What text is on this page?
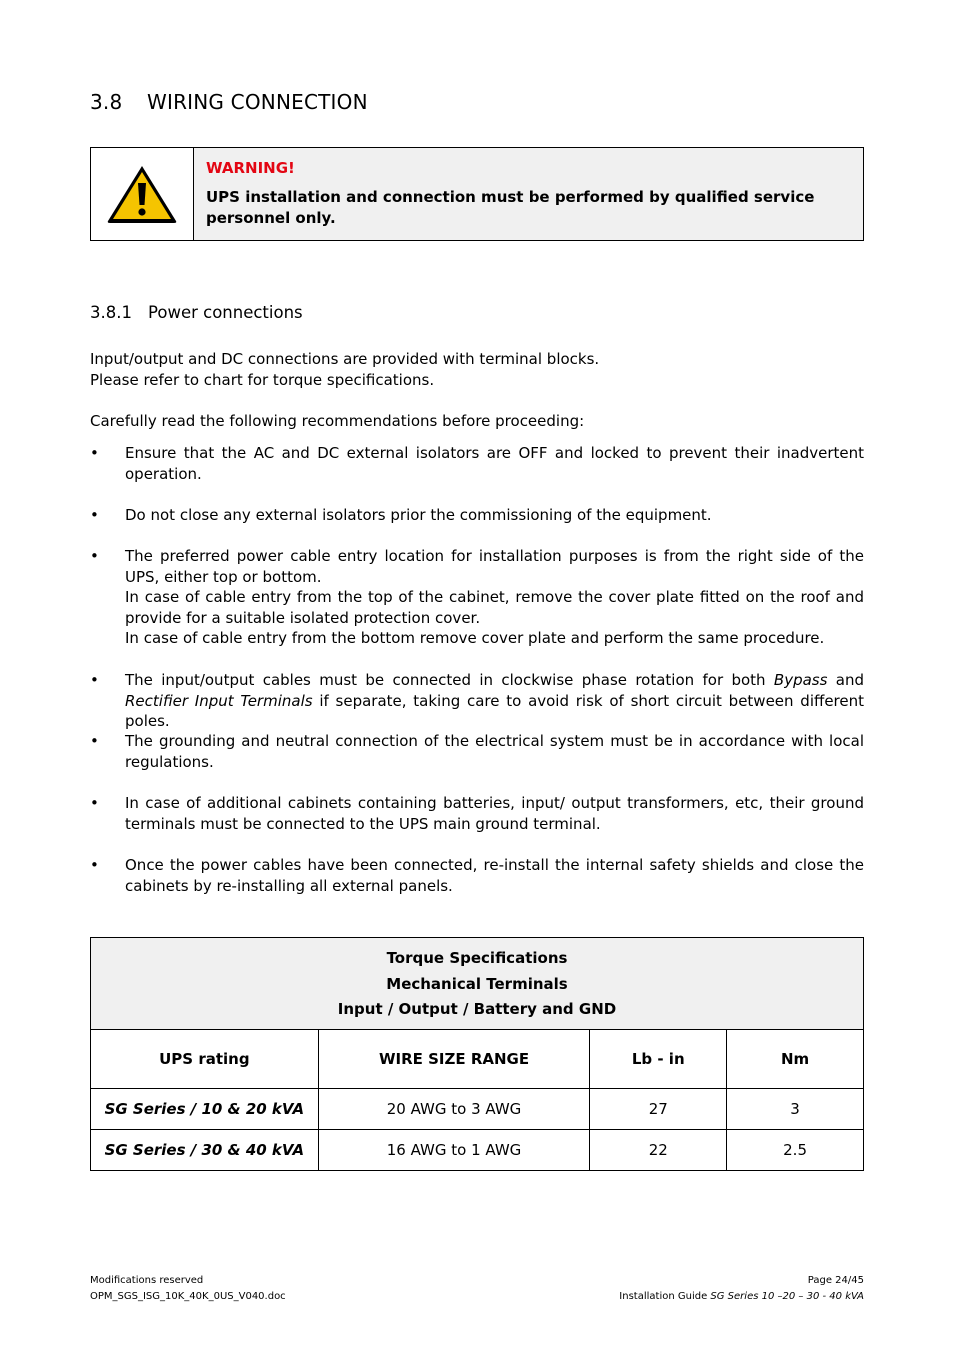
3.8 WIRING CONNECTION
WARNING!
UPS installation and connection must be performed by qualified service personnel only.
3.8.1 Power connections
Input/output and DC connections are provided with terminal blocks.
Please refer to chart for torque specifications.
Carefully read the following recommendations before proceeding:
• Ensure that the AC and DC external isolators are OFF and locked to prevent their inadvertent operation.
• Do not close any external isolators prior the commissioning of the equipment.
• The preferred power cable entry location for installation purposes is from the right side of the UPS, either top or bottom.
In case of cable entry from the top of the cabinet, remove the cover plate fitted on the roof and provide for a suitable isolated protection cover.
In case of cable entry from the bottom remove cover plate and perform the same procedure.
• The input/output cables must be connected in clockwise phase rotation for both Bypass and Rectifier Input Terminals if separate, taking care to avoid risk of short circuit between different poles.
• The grounding and neutral connection of the electrical system must be in accordance with local regulations.
• In case of additional cabinets containing batteries, input/ output transformers, etc, their ground terminals must be connected to the UPS main ground terminal.
• Once the power cables have been connected, re-install the internal safety shields and close the cabinets by re-installing all external panels.
Torque Specifications
Mechanical Terminals
Input / Output / Battery and GND			

UPS rating	WIRE SIZE RANGE	Lb - in	Nm
SG Series / 10 & 20 kVA	20 AWG to 3 AWG	27	3
SG Series / 30 & 40 kVA	16 AWG to 1 AWG	22	2.5
Modifications reserved
OPM_SGS_ISG_10K_40K_0US_V040.doc
Page 24/45
Installation Guide SG Series 10 –20 – 30 - 40 kVA
